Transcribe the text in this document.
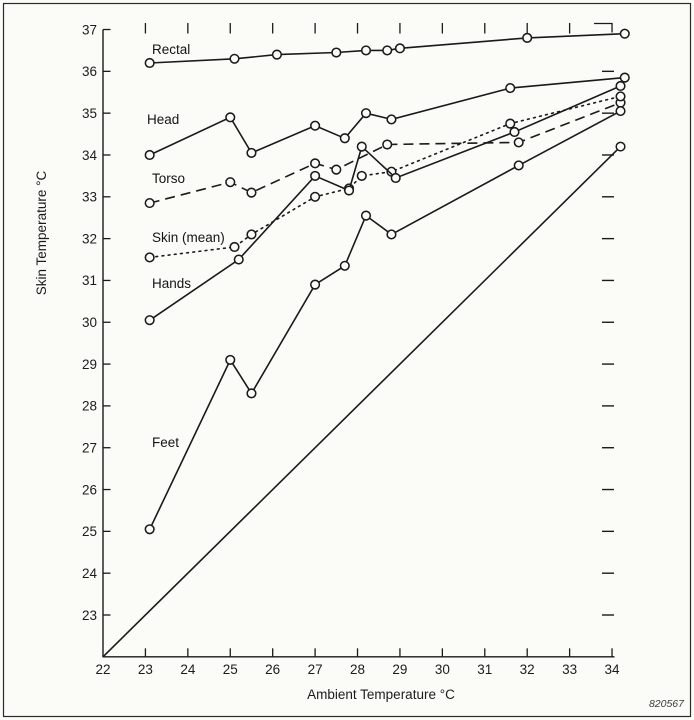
23
24
25
26
27
28
29
30
31
32
33
34
35
36
37
22 23 24 25 26 27 28 29 30 31 32 33 34
Rectal
Head
Torso
Skin (mean)
Hands
Feet
Ambient Temperature °C
Skin Temperature °C
820567
